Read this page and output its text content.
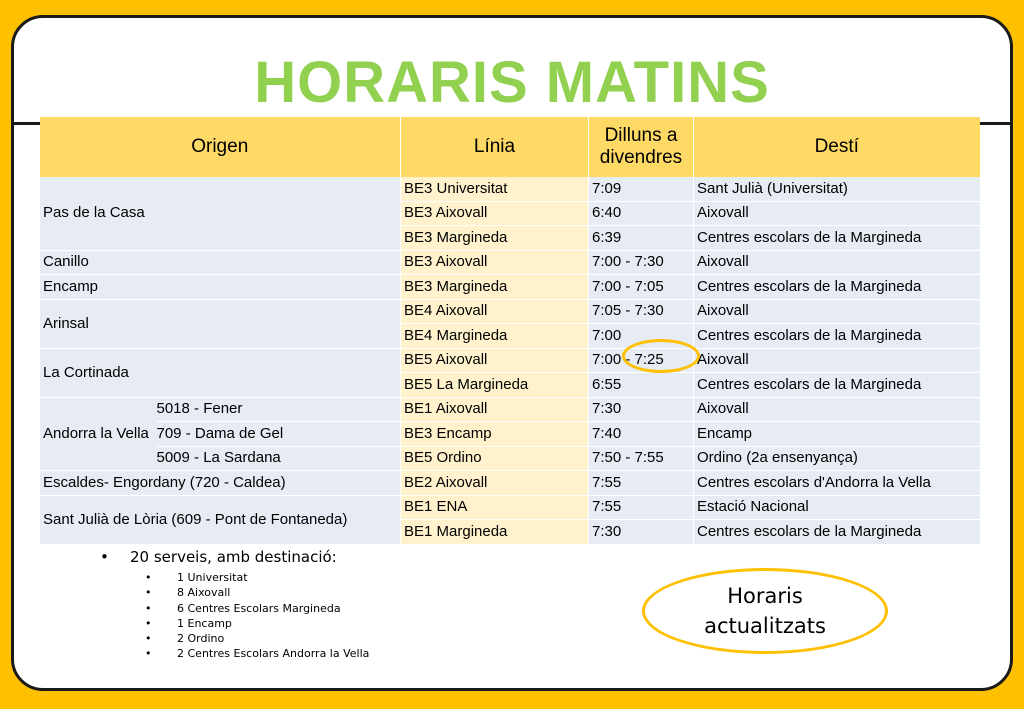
HORARIS MATINS
Origen		Línia	Dilluns a divendres	Destí
Pas de la Casa		BE3 Universitat	7:09	Sant Julià (Universitat)
		BE3 Aixovall	6:40	Aixovall
		BE3 Margineda	6:39	Centres escolars de la Margineda
Canillo		BE3 Aixovall	7:00 - 7:30	Aixovall
Encamp		BE3 Margineda	7:00 - 7:05	Centres escolars de la Margineda
Arinsal		BE4 Aixovall	7:05 - 7:30	Aixovall
		BE4 Margineda	7:00	Centres escolars de la Margineda
La Cortinada		BE5 Aixovall	7:00 - 7:25	Aixovall
		BE5 La Margineda	6:55	Centres escolars de la Margineda
Andorra la Vella	5018 - Fener	BE1 Aixovall	7:30	Aixovall
	709 - Dama de Gel	BE3 Encamp	7:40	Encamp
	5009 - La Sardana	BE5 Ordino	7:50 - 7:55	Ordino (2a ensenyança)
Escaldes- Engordany (720 - Caldea)		BE2 Aixovall	7:55	Centres escolars d'Andorra la Vella
Sant Julià de Lòria (609 - Pont de Fontaneda)		BE1 ENA	7:55	Estació Nacional
		BE1 Margineda	7:30	Centres escolars de la Margineda
•	20 serveis, amb destinació:
•	1 Universitat
•	8 Aixovall
•	6 Centres Escolars Margineda
•	1 Encamp
•	2 Ordino
•	2 Centres Escolars Andorra la Vella
Horaris
actualitzats
